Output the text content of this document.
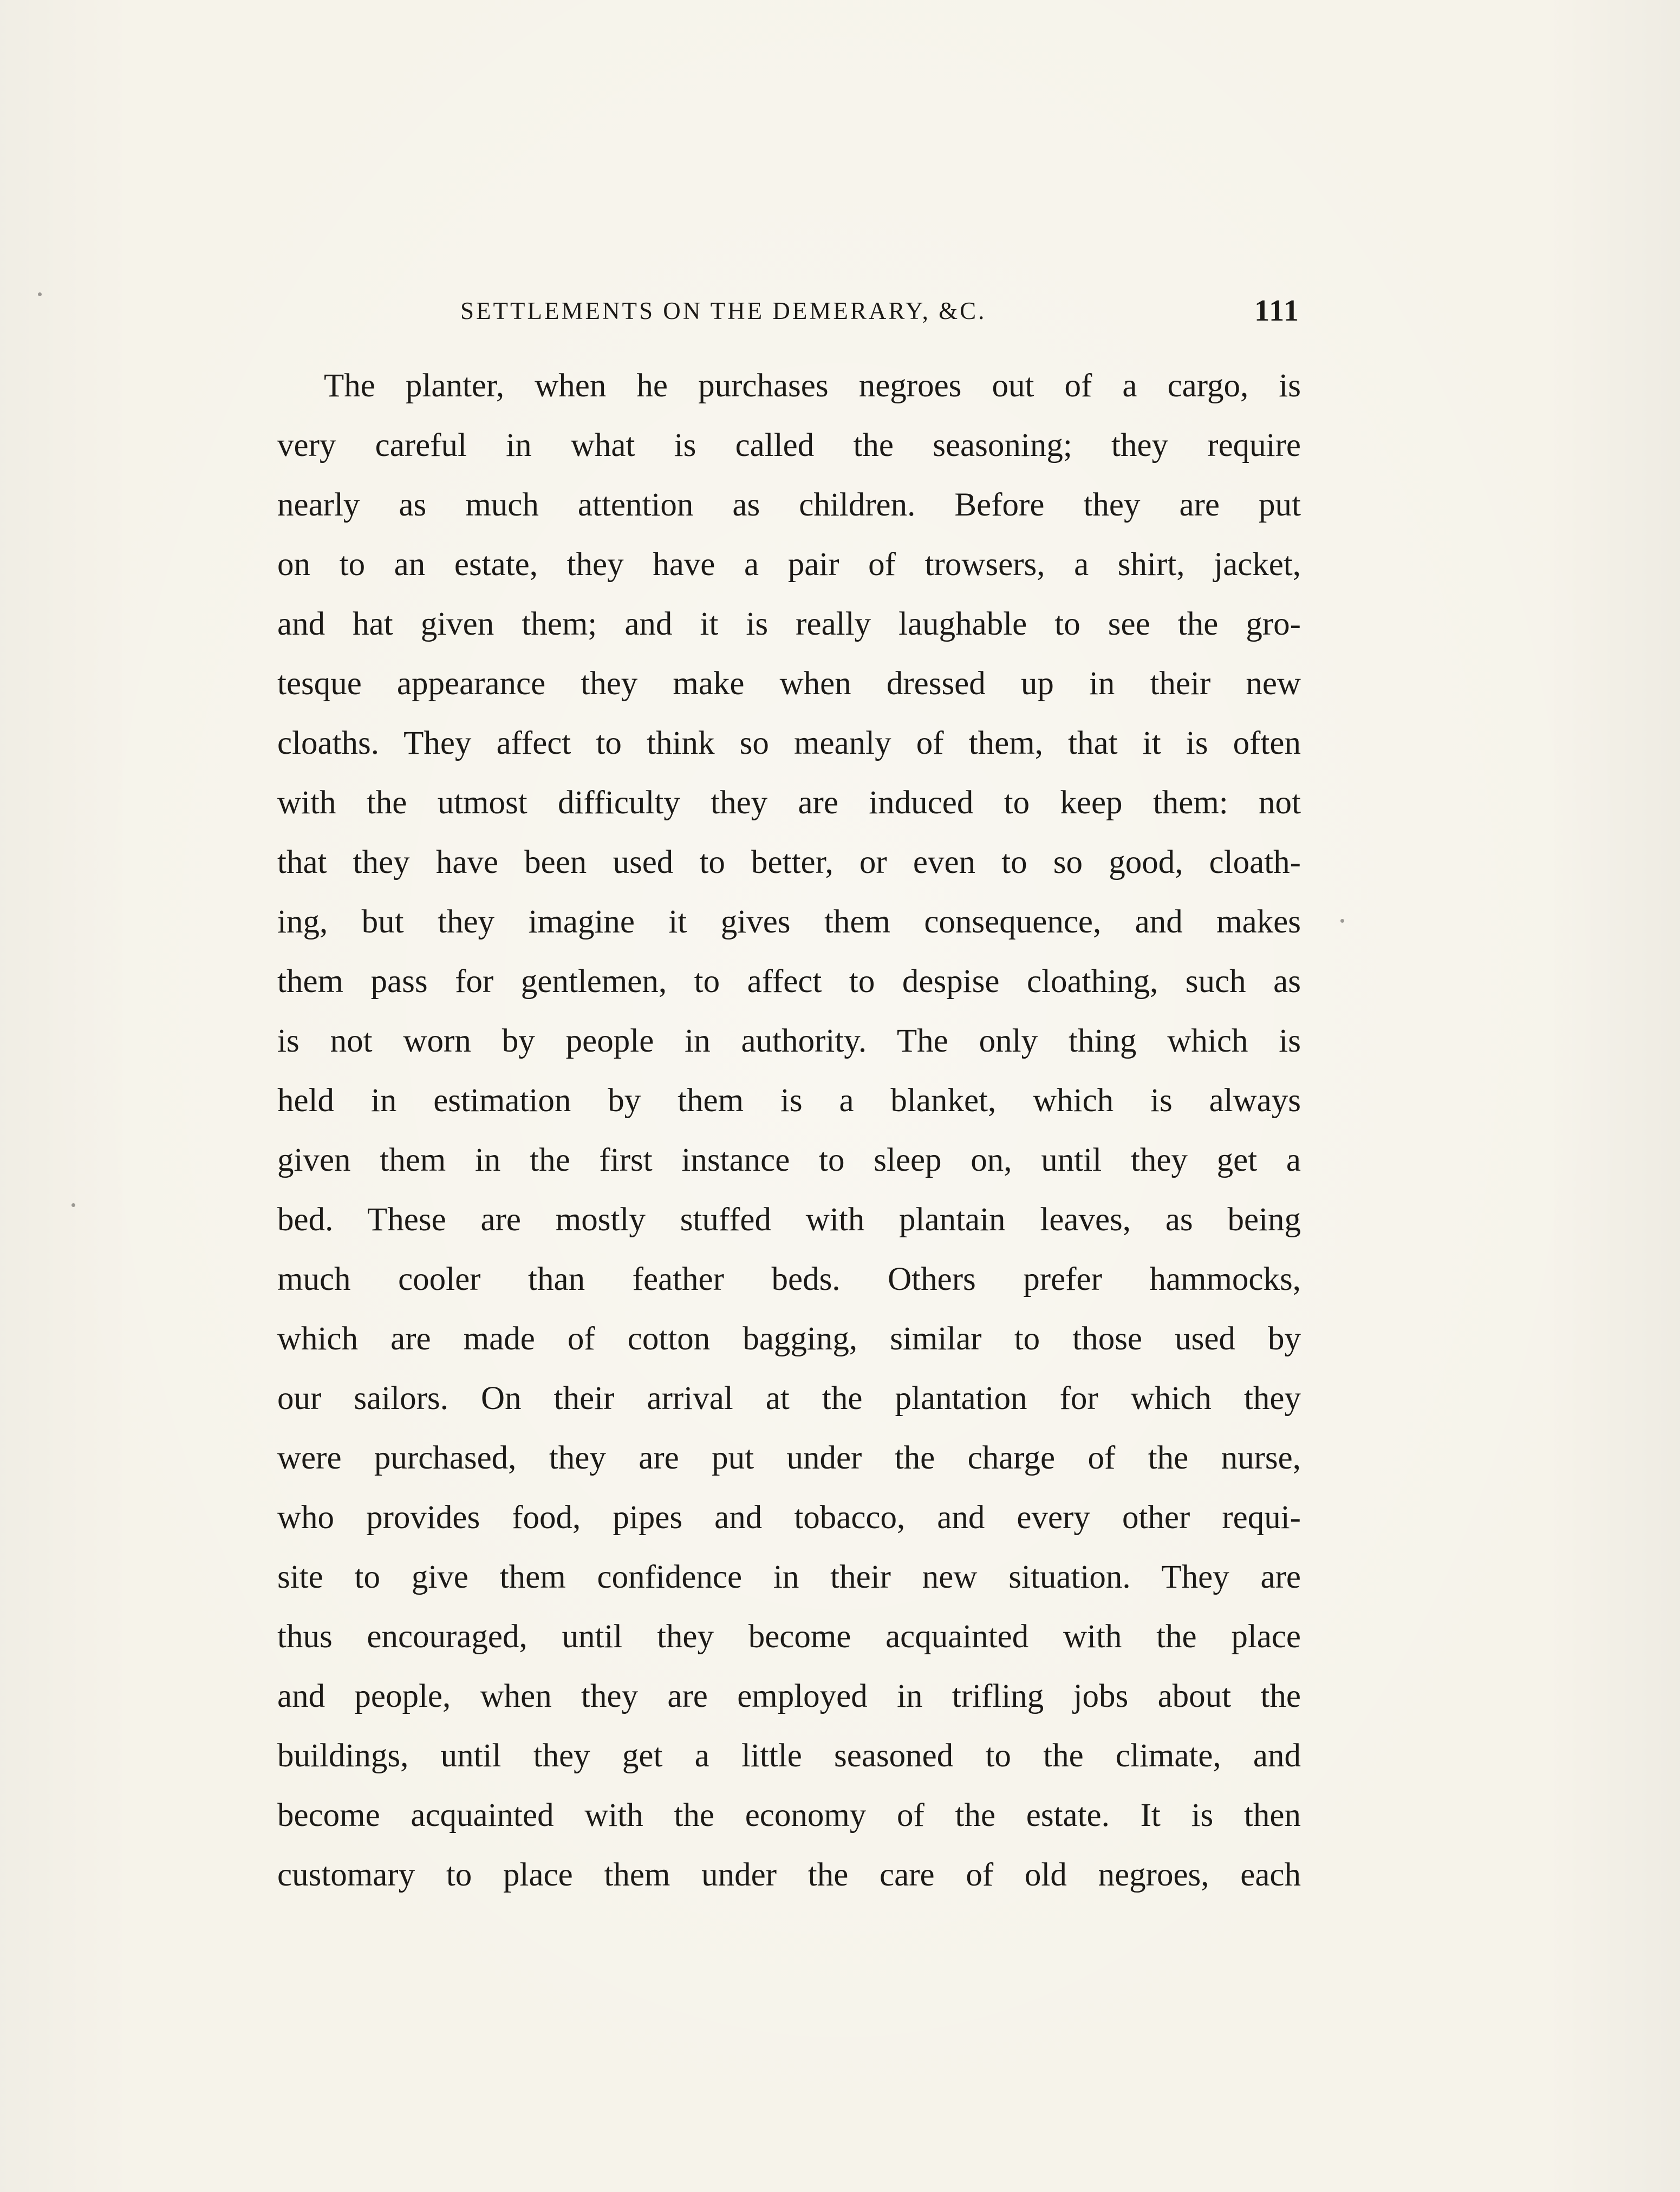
SETTLEMENTS ON THE DEMERARY, &C.	111
The planter, when he purchases negroes out of a cargo, is
very careful in what is called the seasoning; they require
nearly as much attention as children. Before they are put
on to an estate, they have a pair of trowsers, a shirt, jacket,
and hat given them; and it is really laughable to see the gro-
tesque appearance they make when dressed up in their new
cloaths. They affect to think so meanly of them, that it is often
with the utmost difficulty they are induced to keep them: not
that they have been used to better, or even to so good, cloath-
ing, but they imagine it gives them consequence, and makes
them pass for gentlemen, to affect to despise cloathing, such as
is not worn by people in authority. The only thing which is
held in estimation by them is a blanket, which is always
given them in the first instance to sleep on, until they get a
bed. These are mostly stuffed with plantain leaves, as being
much cooler than feather beds. Others prefer hammocks,
which are made of cotton bagging, similar to those used by
our sailors. On their arrival at the plantation for which they
were purchased, they are put under the charge of the nurse,
who provides food, pipes and tobacco, and every other requi-
site to give them confidence in their new situation. They are
thus encouraged, until they become acquainted with the place
and people, when they are employed in trifling jobs about the
buildings, until they get a little seasoned to the climate, and
become acquainted with the economy of the estate. It is then
customary to place them under the care of old negroes, each
